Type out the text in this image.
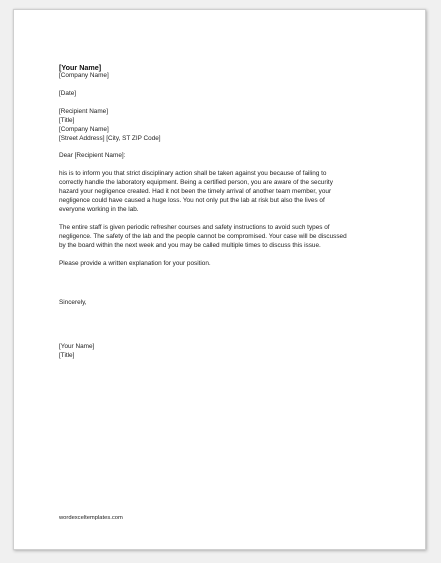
[Your Name]
[Company Name]
[Date]
[Recipient Name]
[Title]
[Company Name]
[Street Address] [City, ST ZIP Code]
Dear [Recipient Name]:
his is to inform you that strict disciplinary action shall be taken against you because of failing to
correctly handle the laboratory equipment. Being a certified person, you are aware of the security
hazard your negligence created. Had it not been the timely arrival of another team member, your
negligence could have caused a huge loss. You not only put the lab at risk but also the lives of
everyone working in the lab.
The entire staff is given periodic refresher courses and safety instructions to avoid such types of
negligence. The safety of the lab and the people cannot be compromised. Your case will be discussed
by the board within the next week and you may be called multiple times to discuss this issue.
Please provide a written explanation for your position.
Sincerely,
[Your Name]
[Title]
wordexceltemplates.com
